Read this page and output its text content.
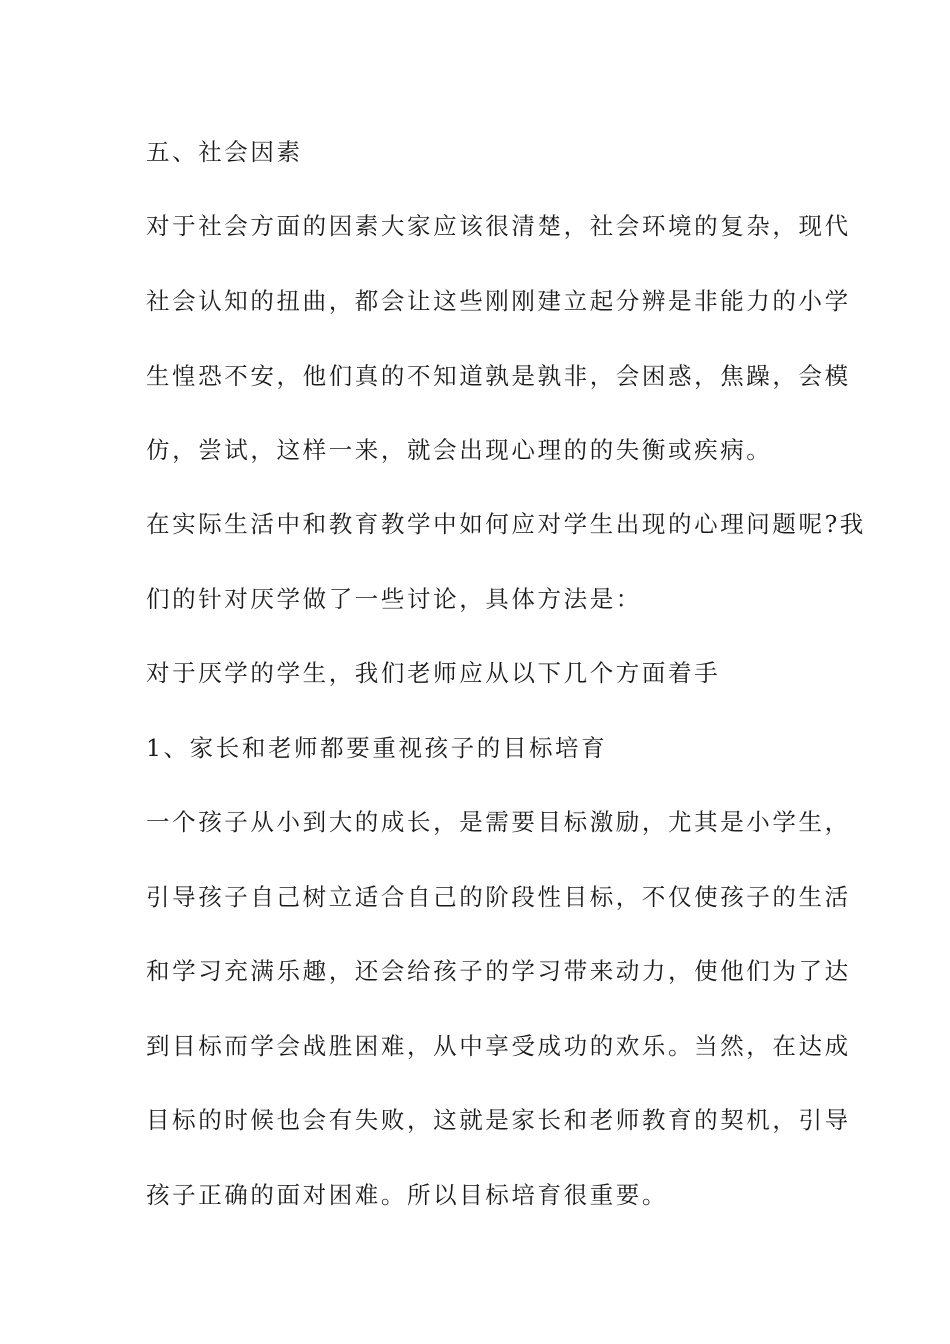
五、社会因素
对于社会方面的因素大家应该很清楚，社会环境的复杂，现代
社会认知的扭曲，都会让这些刚刚建立起分辨是非能力的小学
生惶恐不安，他们真的不知道孰是孰非，会困惑，焦躁，会模
仿，尝试，这样一来，就会出现心理的的失衡或疾病。
在实际生活中和教育教学中如何应对学生出现的心理问题呢?我
们的针对厌学做了一些讨论，具体方法是：
对于厌学的学生，我们老师应从以下几个方面着手
1、家长和老师都要重视孩子的目标培育
一个孩子从小到大的成长，是需要目标激励，尤其是小学生，
引导孩子自己树立适合自己的阶段性目标，不仅使孩子的生活
和学习充满乐趣，还会给孩子的学习带来动力，使他们为了达
到目标而学会战胜困难，从中享受成功的欢乐。当然，在达成
目标的时候也会有失败，这就是家长和老师教育的契机，引导
孩子正确的面对困难。所以目标培育很重要。
